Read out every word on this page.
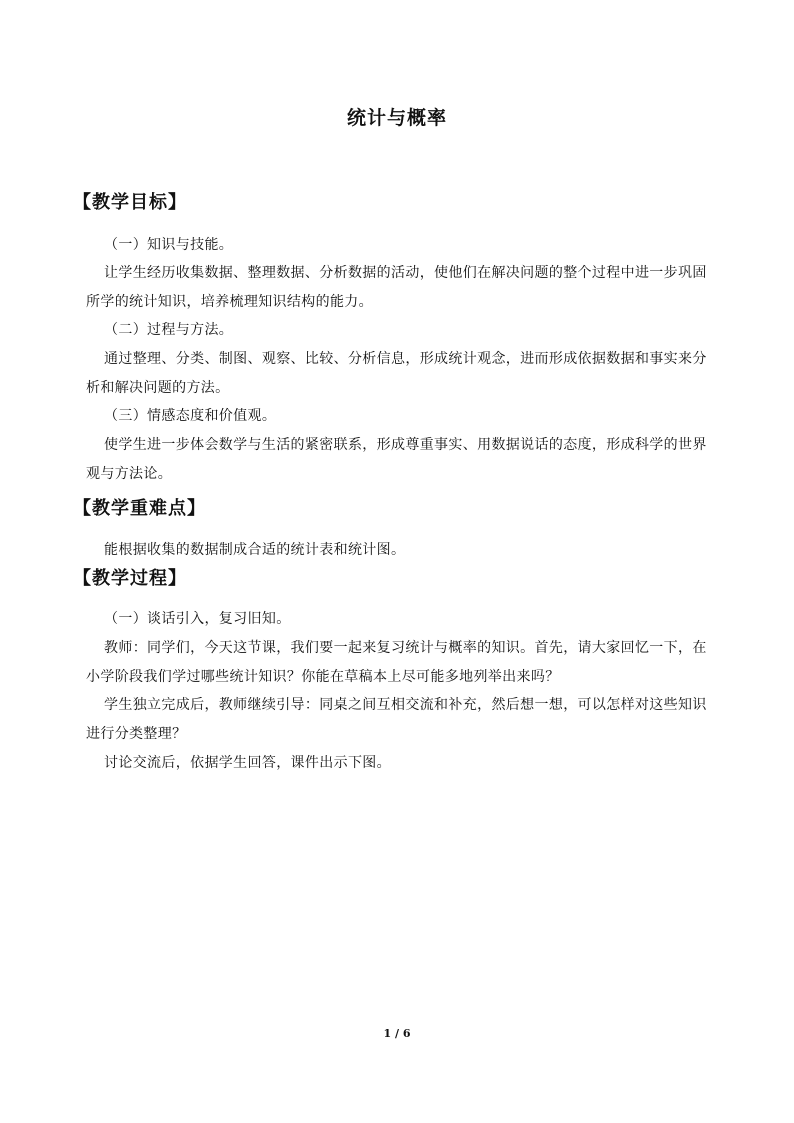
统计与概率
【教学目标】

（一）知识与技能。

让学生经历收集数据、整理数据、分析数据的活动，使他们在解决问题的整个过程中进一步巩固所学的统计知识，培养梳理知识结构的能力。

（二）过程与方法。

通过整理、分类、制图、观察、比较、分析信息，形成统计观念，进而形成依据数据和事实来分析和解决问题的方法。

（三）情感态度和价值观。

使学生进一步体会数学与生活的紧密联系，形成尊重事实、用数据说话的态度，形成科学的世界观与方法论。

【教学重难点】

能根据收集的数据制成合适的统计表和统计图。

【教学过程】

（一）谈话引入，复习旧知。

教师：同学们，今天这节课，我们要一起来复习统计与概率的知识。首先，请大家回忆一下，在小学阶段我们学过哪些统计知识？你能在草稿本上尽可能多地列举出来吗？

学生独立完成后，教师继续引导：同桌之间互相交流和补充，然后想一想，可以怎样对这些知识进行分类整理？

讨论交流后，依据学生回答，课件出示下图。

1 / 6
